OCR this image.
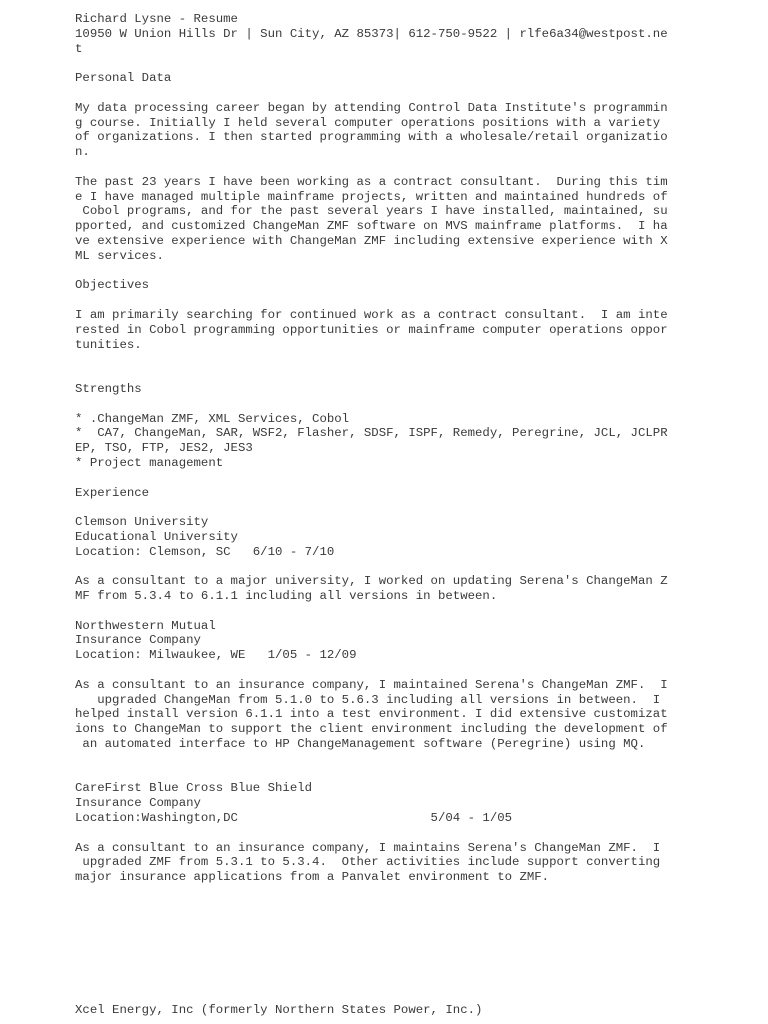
Richard Lysne - Resume
10950 W Union Hills Dr | Sun City, AZ 85373| 612-750-9522 | rlfe6a34@westpost.ne
t
Personal Data
My data processing career began by attending Control Data Institute's programmin
g course. Initially I held several computer operations positions with a variety
of organizations. I then started programming with a wholesale/retail organizatio
n.
The past 23 years I have been working as a contract consultant.  During this tim
e I have managed multiple mainframe projects, written and maintained hundreds of
Cobol programs, and for the past several years I have installed, maintained, su
pported, and customized ChangeMan ZMF software on MVS mainframe platforms.  I ha
ve extensive experience with ChangeMan ZMF including extensive experience with X
ML services.
Objectives
I am primarily searching for continued work as a contract consultant.  I am inte
rested in Cobol programming opportunities or mainframe computer operations oppor
tunities.
Strengths
* .ChangeMan ZMF, XML Services, Cobol
*  CA7, ChangeMan, SAR, WSF2, Flasher, SDSF, ISPF, Remedy, Peregrine, JCL, JCLPR
EP, TSO, FTP, JES2, JES3
* Project management
Experience
Clemson University
Educational University
Location: Clemson, SC   6/10 - 7/10
As a consultant to a major university, I worked on updating Serena's ChangeMan Z
MF from 5.3.4 to 6.1.1 including all versions in between.
Northwestern Mutual
Insurance Company
Location: Milwaukee, WE   1/05 - 12/09
As a consultant to an insurance company, I maintained Serena's ChangeMan ZMF.  I
upgraded ChangeMan from 5.1.0 to 5.6.3 including all versions in between.  I
helped install version 6.1.1 into a test environment. I did extensive customizat
ions to ChangeMan to support the client environment including the development of
an automated interface to HP ChangeManagement software (Peregrine) using MQ.
CareFirst Blue Cross Blue Shield
Insurance Company
Location:Washington,DC                          5/04 - 1/05
As a consultant to an insurance company, I maintains Serena's ChangeMan ZMF.  I
upgraded ZMF from 5.3.1 to 5.3.4.  Other activities include support converting
major insurance applications from a Panvalet environment to ZMF.
Xcel Energy, Inc (formerly Northern States Power, Inc.)
